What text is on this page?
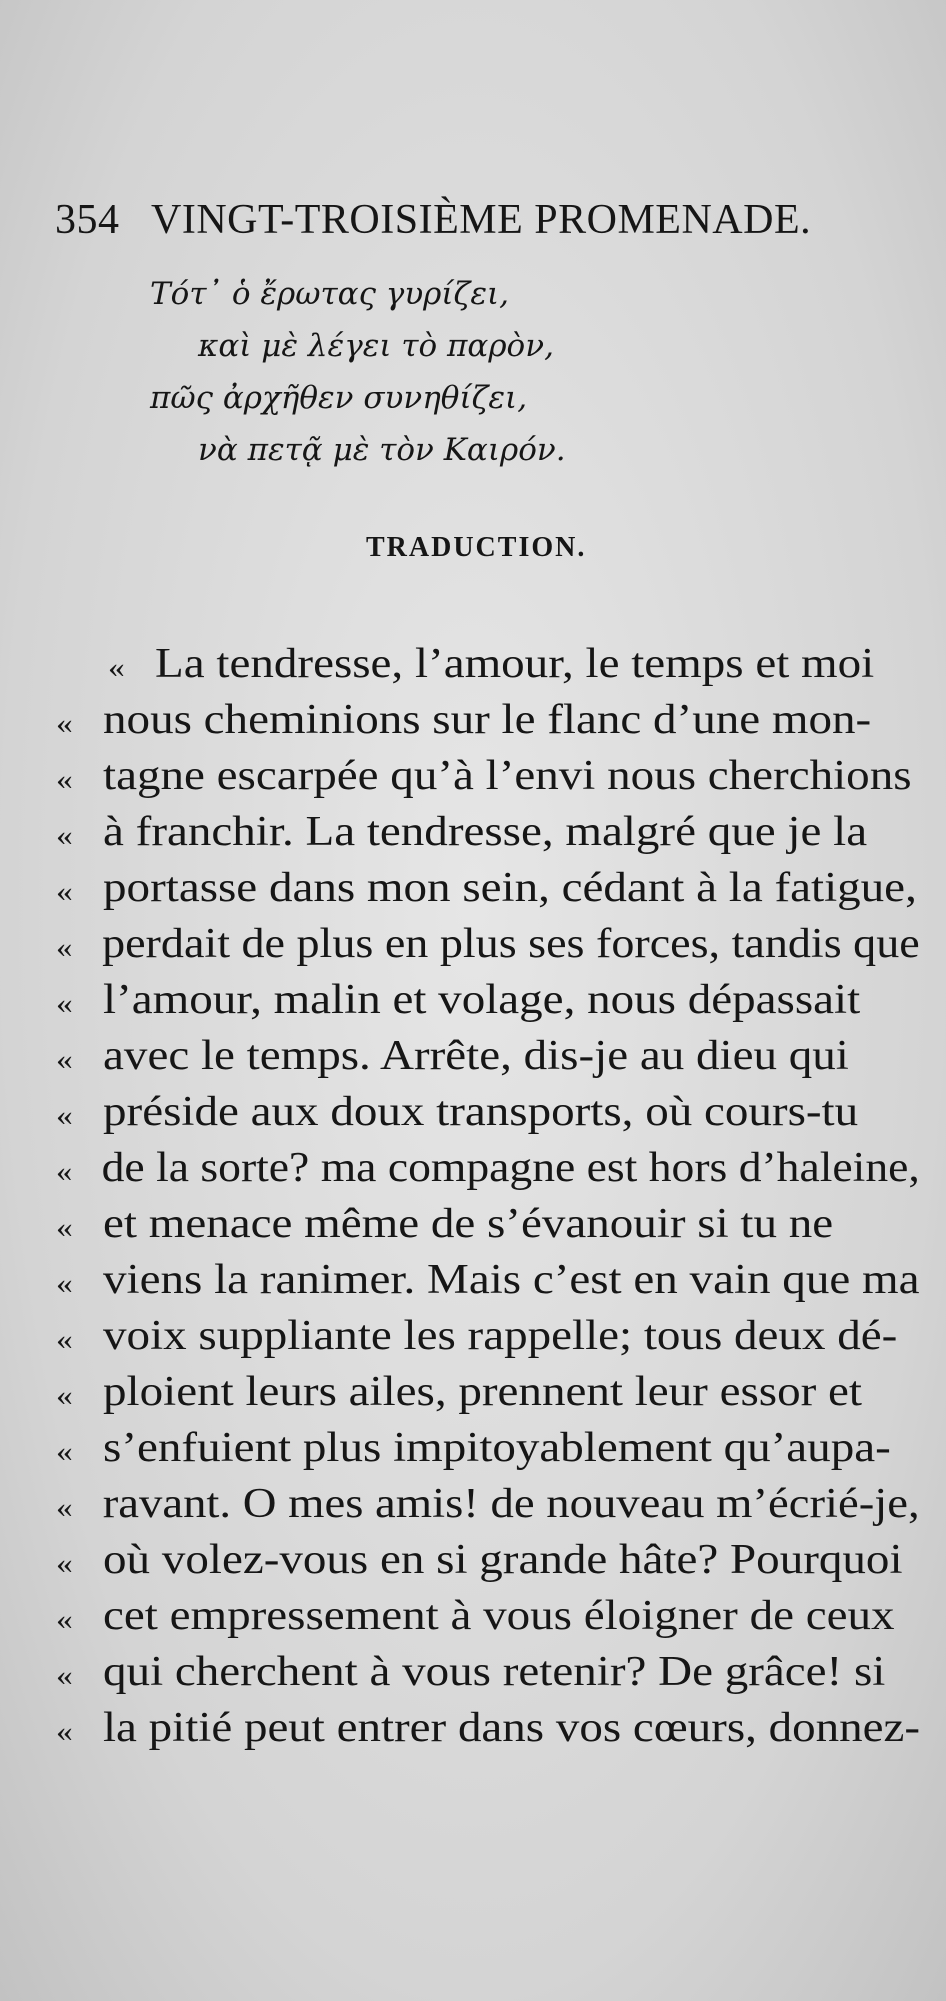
354 VINGT-TROISIÈME PROMENADE.
Τότ᾽ ὁ ἔρωτας γυρίζει,
καὶ μὲ λέγει τὸ παρὸν,
πῶς ἀρχῆθεν συνηθίζει,
νὰ πετᾷ μὲ τὸν Καιρόν.
TRADUCTION.
« La tendresse, l’amour, le temps et moi
« nous cheminions sur le flanc d’une mon-
« tagne escarpée qu’à l’envi nous cherchions
« à franchir. La tendresse, malgré que je la
« portasse dans mon sein, cédant à la fatigue,
« perdait de plus en plus ses forces, tandis que
« l’amour, malin et volage, nous dépassait
« avec le temps. Arrête, dis-je au dieu qui
« préside aux doux transports, où cours-tu
« de la sorte? ma compagne est hors d’haleine,
« et menace même de s’évanouir si tu ne
« viens la ranimer. Mais c’est en vain que ma
« voix suppliante les rappelle; tous deux dé-
« ploient leurs ailes, prennent leur essor et
« s’enfuient plus impitoyablement qu’aupa-
« ravant. O mes amis! de nouveau m’écrié-je,
« où volez-vous en si grande hâte? Pourquoi
« cet empressement à vous éloigner de ceux
« qui cherchent à vous retenir? De grâce! si
« la pitié peut entrer dans vos cœurs, donnez-
